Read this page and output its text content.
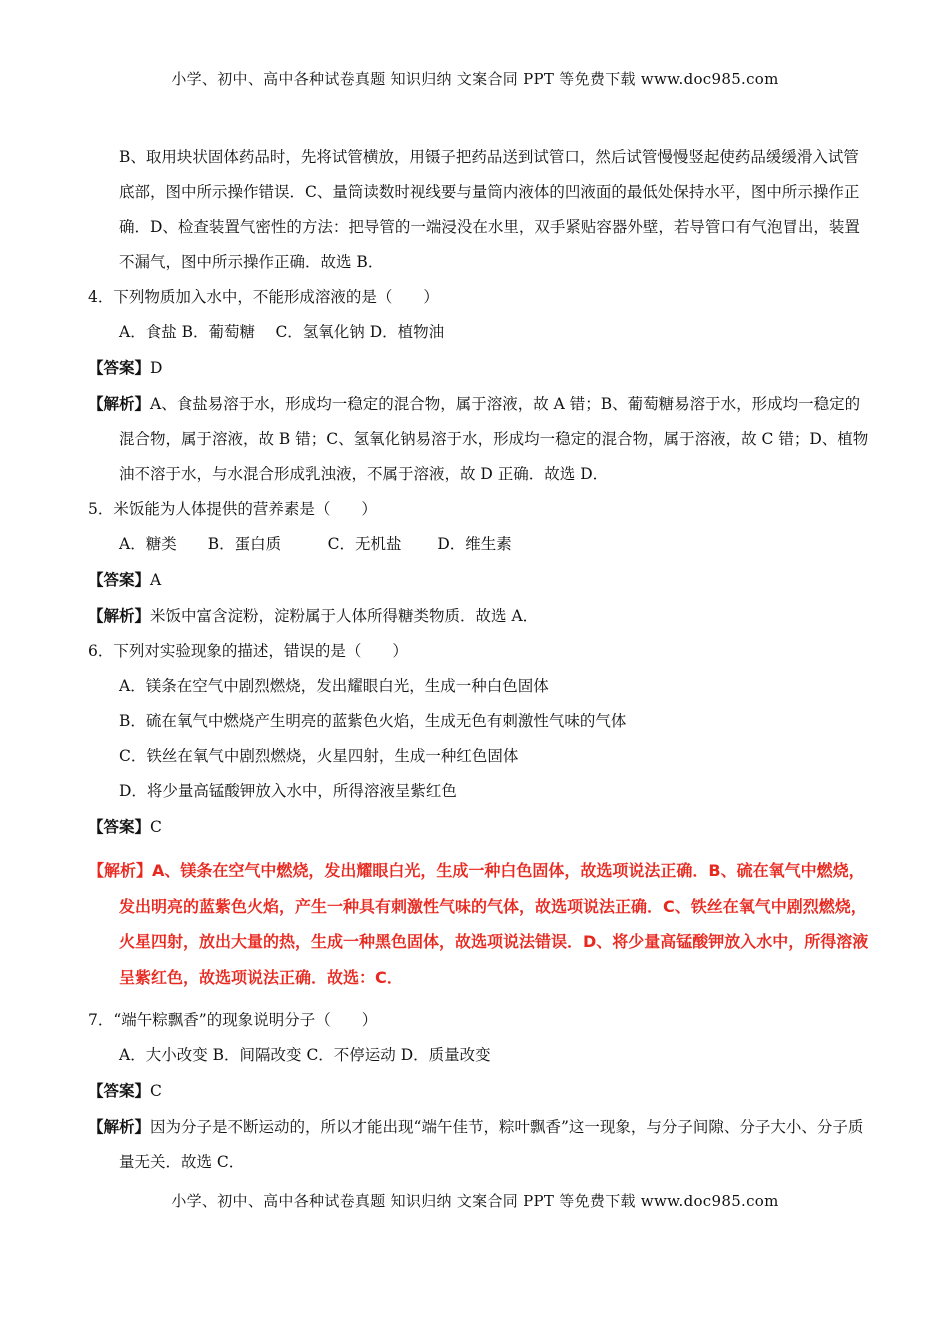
小学、初中、高中各种试卷真题 知识归纳 文案合同 PPT 等免费下载 www.doc985.com
B、取用块状固体药品时，先将试管横放，用镊子把药品送到试管口，然后试管慢慢竖起使药品缓缓滑入试管底部，图中所示操作错误．C、量筒读数时视线要与量筒内液体的凹液面的最低处保持水平，图中所示操作正确．D、检查装置气密性的方法：把导管的一端浸没在水里，双手紧贴容器外壁，若导管口有气泡冒出，装置不漏气，图中所示操作正确．故选 B．
4．下列物质加入水中，不能形成溶液的是（　　）
A．食盐 B．葡萄糖　 C．氢氧化钠 D．植物油
【答案】D
【解析】A、食盐易溶于水，形成均一稳定的混合物，属于溶液，故 A 错；B、葡萄糖易溶于水，形成均一稳定的混合物，属于溶液，故 B 错；C、氢氧化钠易溶于水，形成均一稳定的混合物，属于溶液，故 C 错；D、植物油不溶于水，与水混合形成乳浊液，不属于溶液，故 D 正确．故选 D．
5．米饭能为人体提供的营养素是（　　）
A．糖类　　B．蛋白质　　　C．无机盐　　 D．维生素
【答案】A
【解析】米饭中富含淀粉，淀粉属于人体所得糖类物质．故选 A．
6．下列对实验现象的描述，错误的是（　　）
A．镁条在空气中剧烈燃烧，发出耀眼白光，生成一种白色固体
B．硫在氧气中燃烧产生明亮的蓝紫色火焰，生成无色有刺激性气味的气体
C．铁丝在氧气中剧烈燃烧，火星四射，生成一种红色固体
D．将少量高锰酸钾放入水中，所得溶液呈紫红色
【答案】C
【解析】A、镁条在空气中燃烧，发出耀眼白光，生成一种白色固体，故选项说法正确．B、硫在氧气中燃烧，发出明亮的蓝紫色火焰，产生一种具有刺激性气味的气体，故选项说法正确．C、铁丝在氧气中剧烈燃烧，火星四射，放出大量的热，生成一种黑色固体，故选项说法错误．D、将少量高锰酸钾放入水中，所得溶液呈紫红色，故选项说法正确．故选：C．
7．“端午粽飘香”的现象说明分子（　　）
A．大小改变 B．间隔改变 C．不停运动 D．质量改变
【答案】C
【解析】因为分子是不断运动的，所以才能出现“端午佳节，粽叶飘香”这一现象，与分子间隙、分子大小、分子质量无关．故选 C．
小学、初中、高中各种试卷真题 知识归纳 文案合同 PPT 等免费下载 www.doc985.com
